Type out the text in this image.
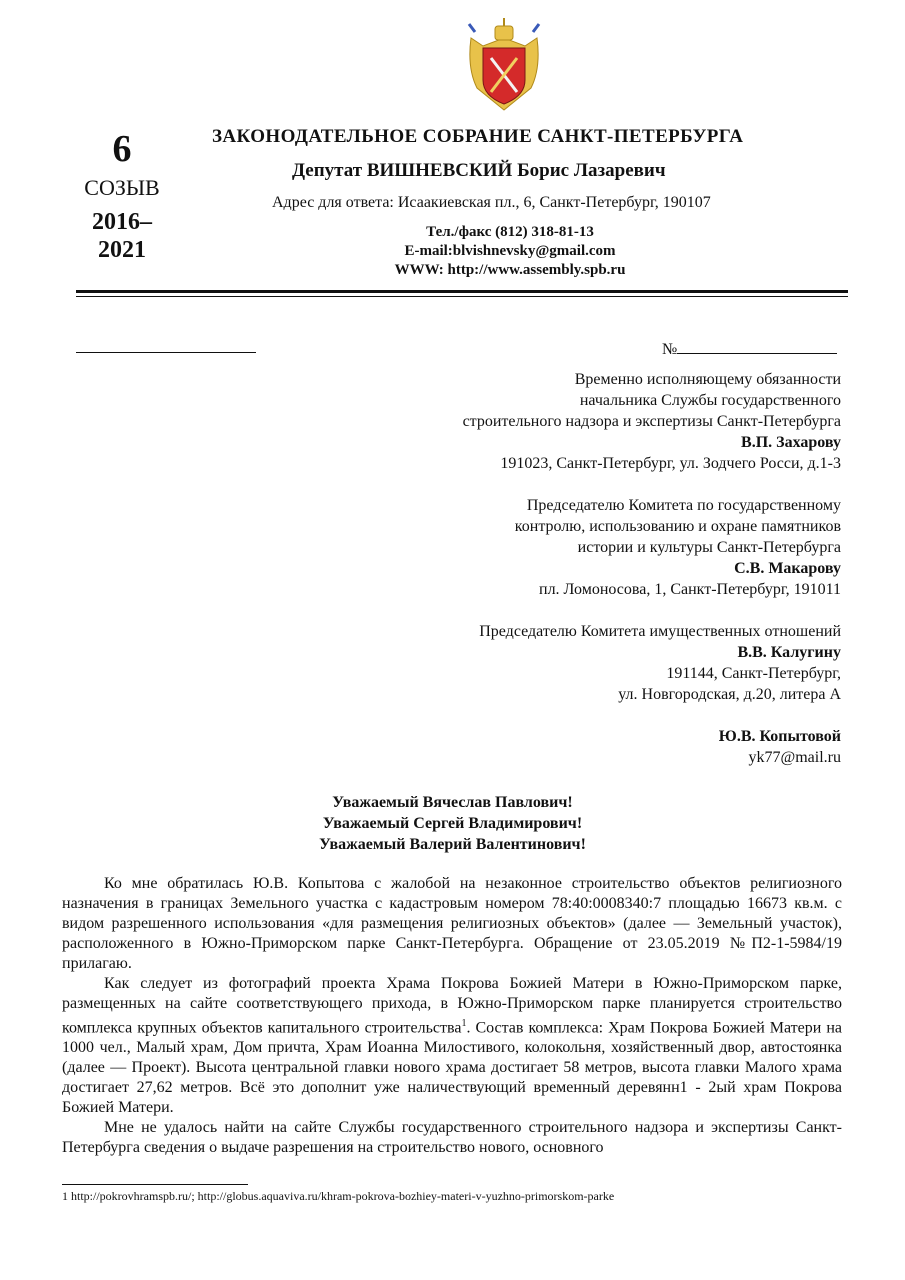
6
СОЗЫВ
2016–
2021
ЗАКОНОДАТЕЛЬНОЕ СОБРАНИЕ САНКТ-ПЕТЕРБУРГА
Депутат ВИШНЕВСКИЙ Борис Лазаревич
Адрес для ответа: Исаакиевская пл., 6, Санкт-Петербург, 190107
Тел./факс (812) 318-81-13
E-mail:blvishnevsky@gmail.com
WWW: http://www.assembly.spb.ru
№
Временно исполняющему обязанности
начальника Службы государственного
строительного надзора и экспертизы Санкт-Петербурга
В.П. Захарову
191023, Санкт-Петербург, ул. Зодчего Росси, д.1-3
Председателю Комитета по государственному
контролю, использованию и охране памятников
истории и культуры Санкт-Петербурга
С.В. Макарову
пл. Ломоносова, 1, Санкт-Петербург, 191011
Председателю Комитета имущественных отношений
В.В. Калугину
191144, Санкт-Петербург,
ул. Новгородская, д.20, литера А
Ю.В. Копытовой
yk77@mail.ru
Уважаемый Вячеслав Павлович!
Уважаемый Сергей Владимирович!
Уважаемый Валерий Валентинович!

Ко мне обратилась Ю.В. Копытова с жалобой на незаконное строительство объектов религиозного назначения в границах Земельного участка с кадастровым номером 78:40:0008340:7 площадью 16673 кв.м. с видом разрешенного использования «для размещения религиозных объектов» (далее — Земельный участок), расположенного в Южно-Приморском парке Санкт-Петербурга. Обращение от 23.05.2019 №П2-1-5984/19 прилагаю.

Как следует из фотографий проекта Храма Покрова Божией Матери в Южно-Приморском парке, размещенных на сайте соответствующего прихода, в Южно-Приморском парке планируется строительство комплекса крупных объектов капитального строительства$^1$. Состав комплекса: Храм Покрова Божией Матери на 1000 чел., Малый храм, Дом причта, Храм Иоанна Милостивого, колокольня, хозяйственный двор, автостоянка (далее — Проект). Высота центральной главки нового храма достигает 58 метров, высота главки Малого храма достигает 27,62 метров. Всё это дополнит уже наличествующий временный деревянн1 - 2ый храм Покрова Божией Матери.

Мне не удалось найти на сайте Службы государственного строительного надзора и экспертизы Санкт-Петербурга сведения о выдаче разрешения на строительство нового, основного

1 http://pokrovhramspb.ru/; http://globus.aquaviva.ru/khram-pokrova-bozhiey-materi-v-yuzhno-primorskom-parke
